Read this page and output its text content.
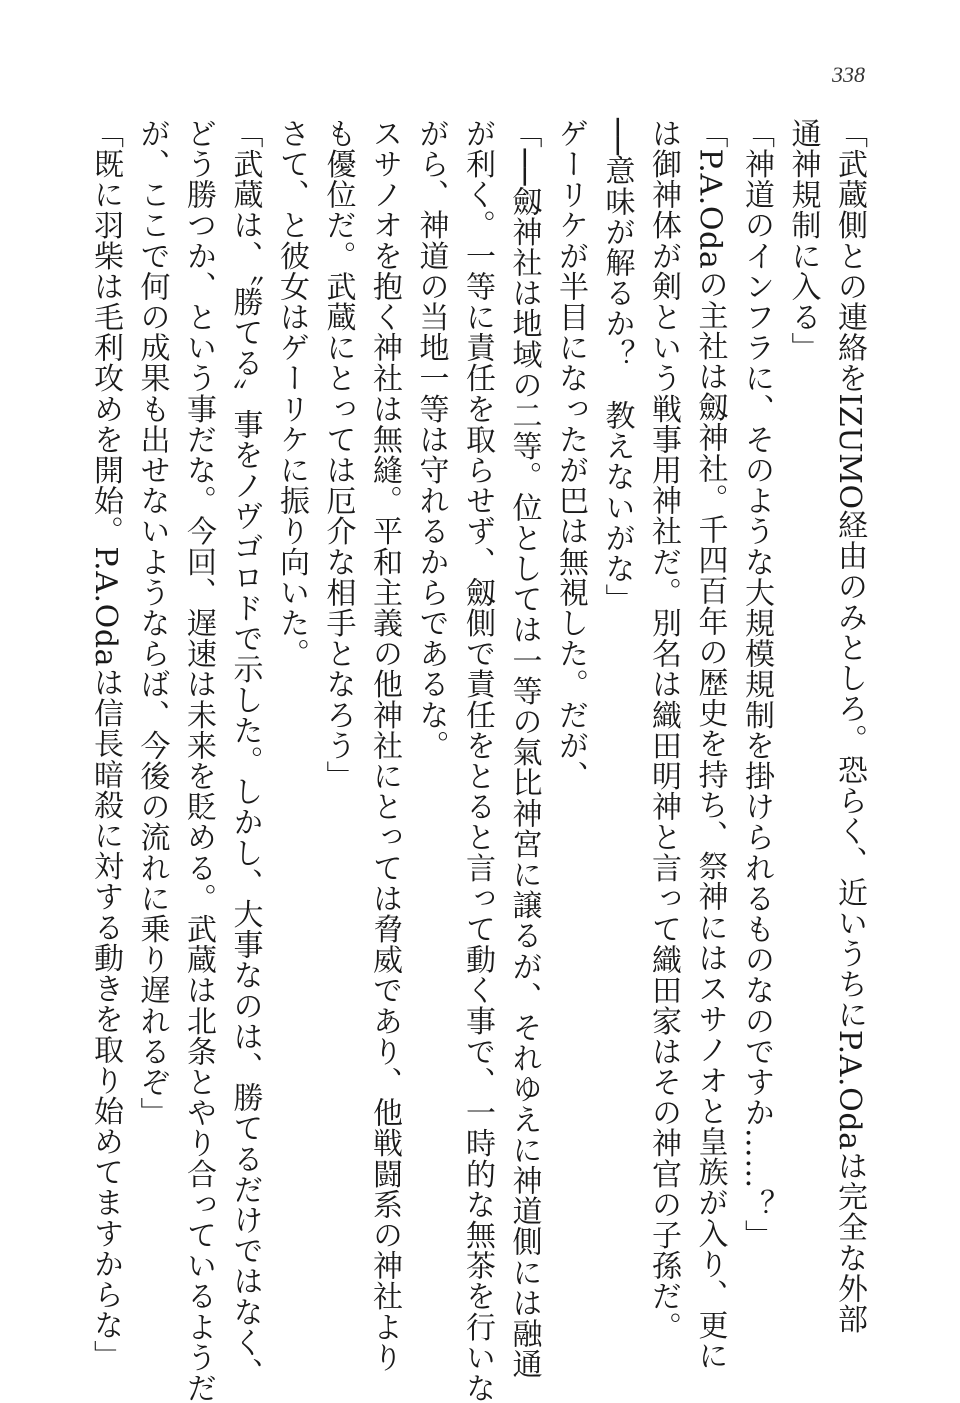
338
「武蔵側との連絡をIZUMO経由のみとしろ。恐らく、近いうちにP.A.Odaは完全な外部
通神規制に入る」
「神道のインフラに、そのような大規模規制を掛けられるものなのですか……？」
「P.A.Odaの主社は劔神社。千四百年の歴史を持ち、祭神にはスサノオと皇族が入り、更に
は御神体が剣という戦事用神社だ。別名は織田明神と言って織田家はその神官の子孫だ。
──意味が解るか？　教えないがな」
ゲーリケが半目になったが巴は無視した。だが、
「──劔神社は地域の二等。位としては一等の氣比神宮に譲るが、それゆえに神道側には融通
が利く。一等に責任を取らせず、劔側で責任をとると言って動く事で、一時的な無茶を行いな
がら、神道の当地一等は守れるからであるな。
スサノオを抱く神社は無縫。平和主義の他神社にとっては脅威であり、他戦闘系の神社より
も優位だ。武蔵にとっては厄介な相手となろう」
さて、と彼女はゲーリケに振り向いた。
「武蔵は、〝勝てる〟事をノヴゴロドで示した。しかし、大事なのは、勝てるだけではなく、
どう勝つか、という事だな。今回、遅速は未来を貶める。武蔵は北条とやり合っているようだ
が、ここで何の成果も出せないようならば、今後の流れに乗り遅れるぞ」
「既に羽柴は毛利攻めを開始。P.A.Odaは信長暗殺に対する動きを取り始めてますからな」
